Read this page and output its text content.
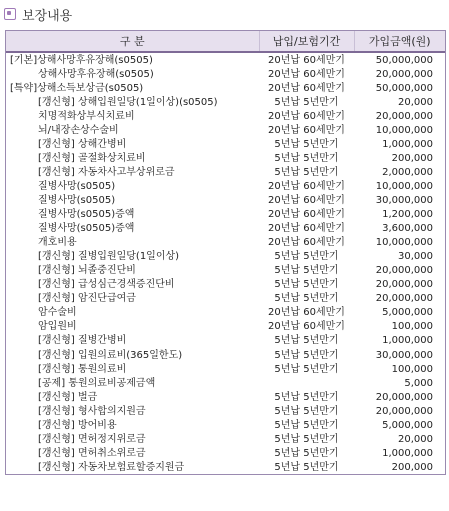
보장내용
구 분	납입/보험기간	가입금액(원)
[기본]상해사망후유장해(s0505)	20년납 60세만기	50,000,000
상해사망후유장해(s0505)	20년납 60세만기	20,000,000
[특약]상해소득보상금(s0505)	20년납 60세만기	50,000,000
[갱신형] 상해입원일당(1일이상)(s0505)	5년납 5년만기	20,000
치명적화상부식치료비	20년납 60세만기	20,000,000
뇌/내장손상수술비	20년납 60세만기	10,000,000
[갱신형] 상해간병비	5년납 5년만기	1,000,000
[갱신형] 골절화상치료비	5년납 5년만기	200,000
[갱신형] 자동차사고부상위로금	5년납 5년만기	2,000,000
질병사망(s0505)	20년납 60세만기	10,000,000
질병사망(s0505)	20년납 60세만기	30,000,000
질병사망(s0505)증액	20년납 60세만기	1,200,000
질병사망(s0505)증액	20년납 60세만기	3,600,000
개호비용	20년납 60세만기	10,000,000
[갱신형] 질병입원일당(1일이상)	5년납 5년만기	30,000
[갱신형] 뇌졸중진단비	5년납 5년만기	20,000,000
[갱신형] 급성심근경색증진단비	5년납 5년만기	20,000,000
[갱신형] 암진단급여금	5년납 5년만기	20,000,000
암수술비	20년납 60세만기	5,000,000
암입원비	20년납 60세만기	100,000
[갱신형] 질병간병비	5년납 5년만기	1,000,000
[갱신형] 입원의료비(365일한도)	5년납 5년만기	30,000,000
[갱신형] 통원의료비	5년납 5년만기	100,000
[공제] 통원의료비공제금액		5,000
[갱신형] 벌금	5년납 5년만기	20,000,000
[갱신형] 형사합의지원금	5년납 5년만기	20,000,000
[갱신형] 방어비용	5년납 5년만기	5,000,000
[갱신형] 면허정지위로금	5년납 5년만기	20,000
[갱신형] 면허취소위로금	5년납 5년만기	1,000,000
[갱신형] 자동차보험료할증지원금	5년납 5년만기	200,000
